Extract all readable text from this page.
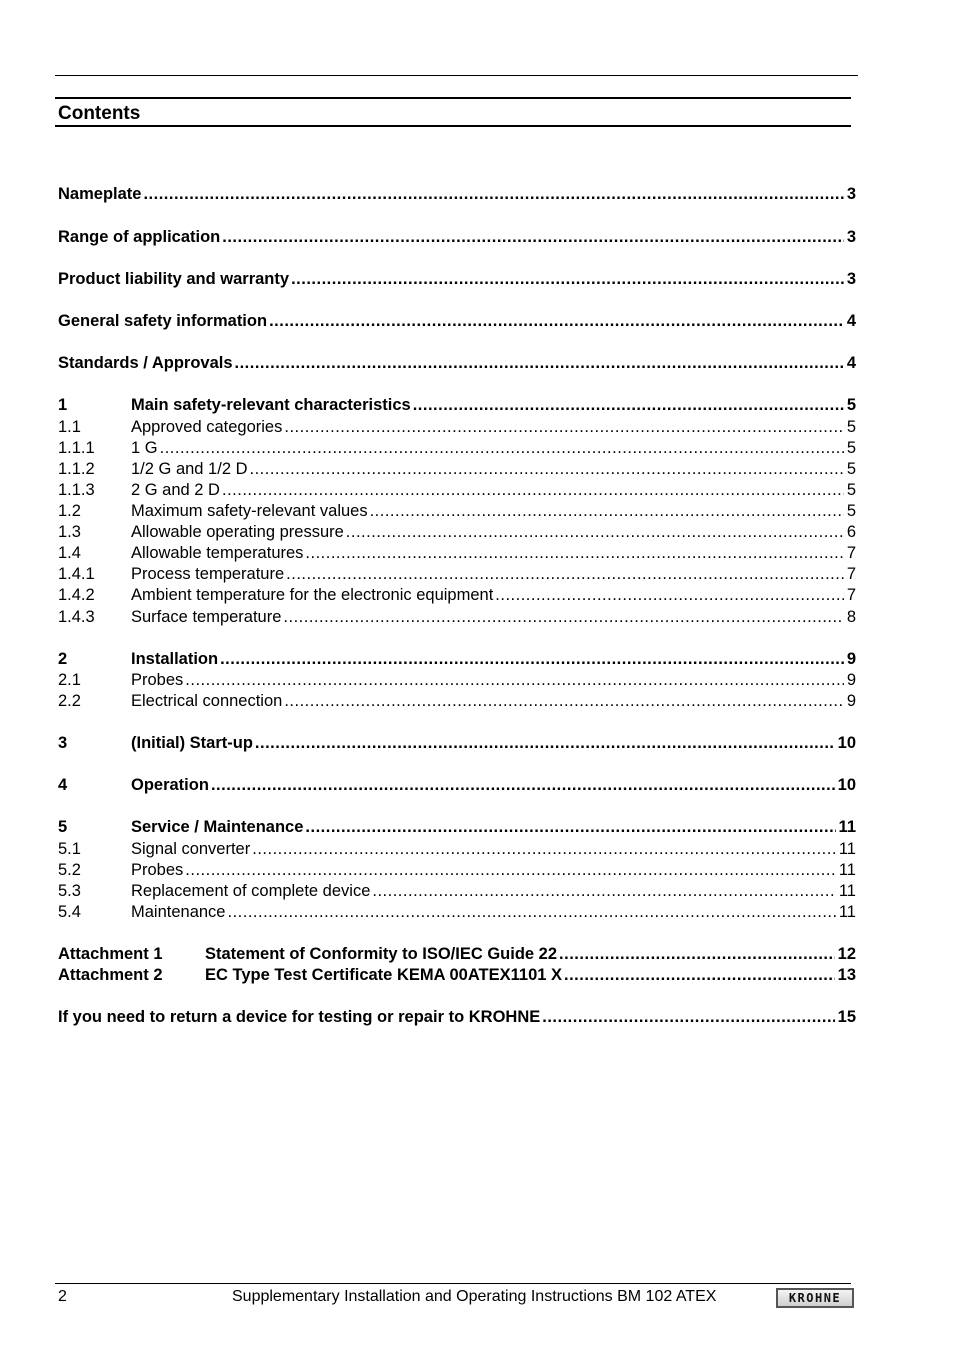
Contents
Nameplate .....	3
Range of application .....	3
Product liability and warranty .....	3
General safety information .....	4
Standards / Approvals .....	4
1	Main safety-relevant characteristics .....	5
1.1	Approved categories .....	5
1.1.1 1 G .....	5
1.1.2 1/2 G and 1/2 D .....	5
1.1.3 2 G and 2 D .....	5
1.2	Maximum safety-relevant values .....	5
1.3	Allowable operating pressure .....	6
1.4	Allowable temperatures .....	7
1.4.1 Process temperature .....	7
1.4.2 Ambient temperature for the electronic equipment .....	7
1.4.3 Surface temperature .....	8
2	Installation .....	9
2.1	Probes .....	9
2.2	Electrical connection .....	9
3	(Initial) Start-up .....	10
4	Operation .....	10
5	Service / Maintenance .....	11
5.1	Signal converter .....	11
5.2	Probes .....	11
5.3	Replacement of complete device .....	11
5.4	Maintenance .....	11
Attachment 1	Statement of Conformity to ISO/IEC Guide 22 .....	12
Attachment 2	EC Type Test Certificate KEMA 00ATEX1101 X .....	13
If you need to return a device for testing or repair to KROHNE .....	15
2	Supplementary Installation and Operating Instructions BM 102 ATEX	KROHNE
